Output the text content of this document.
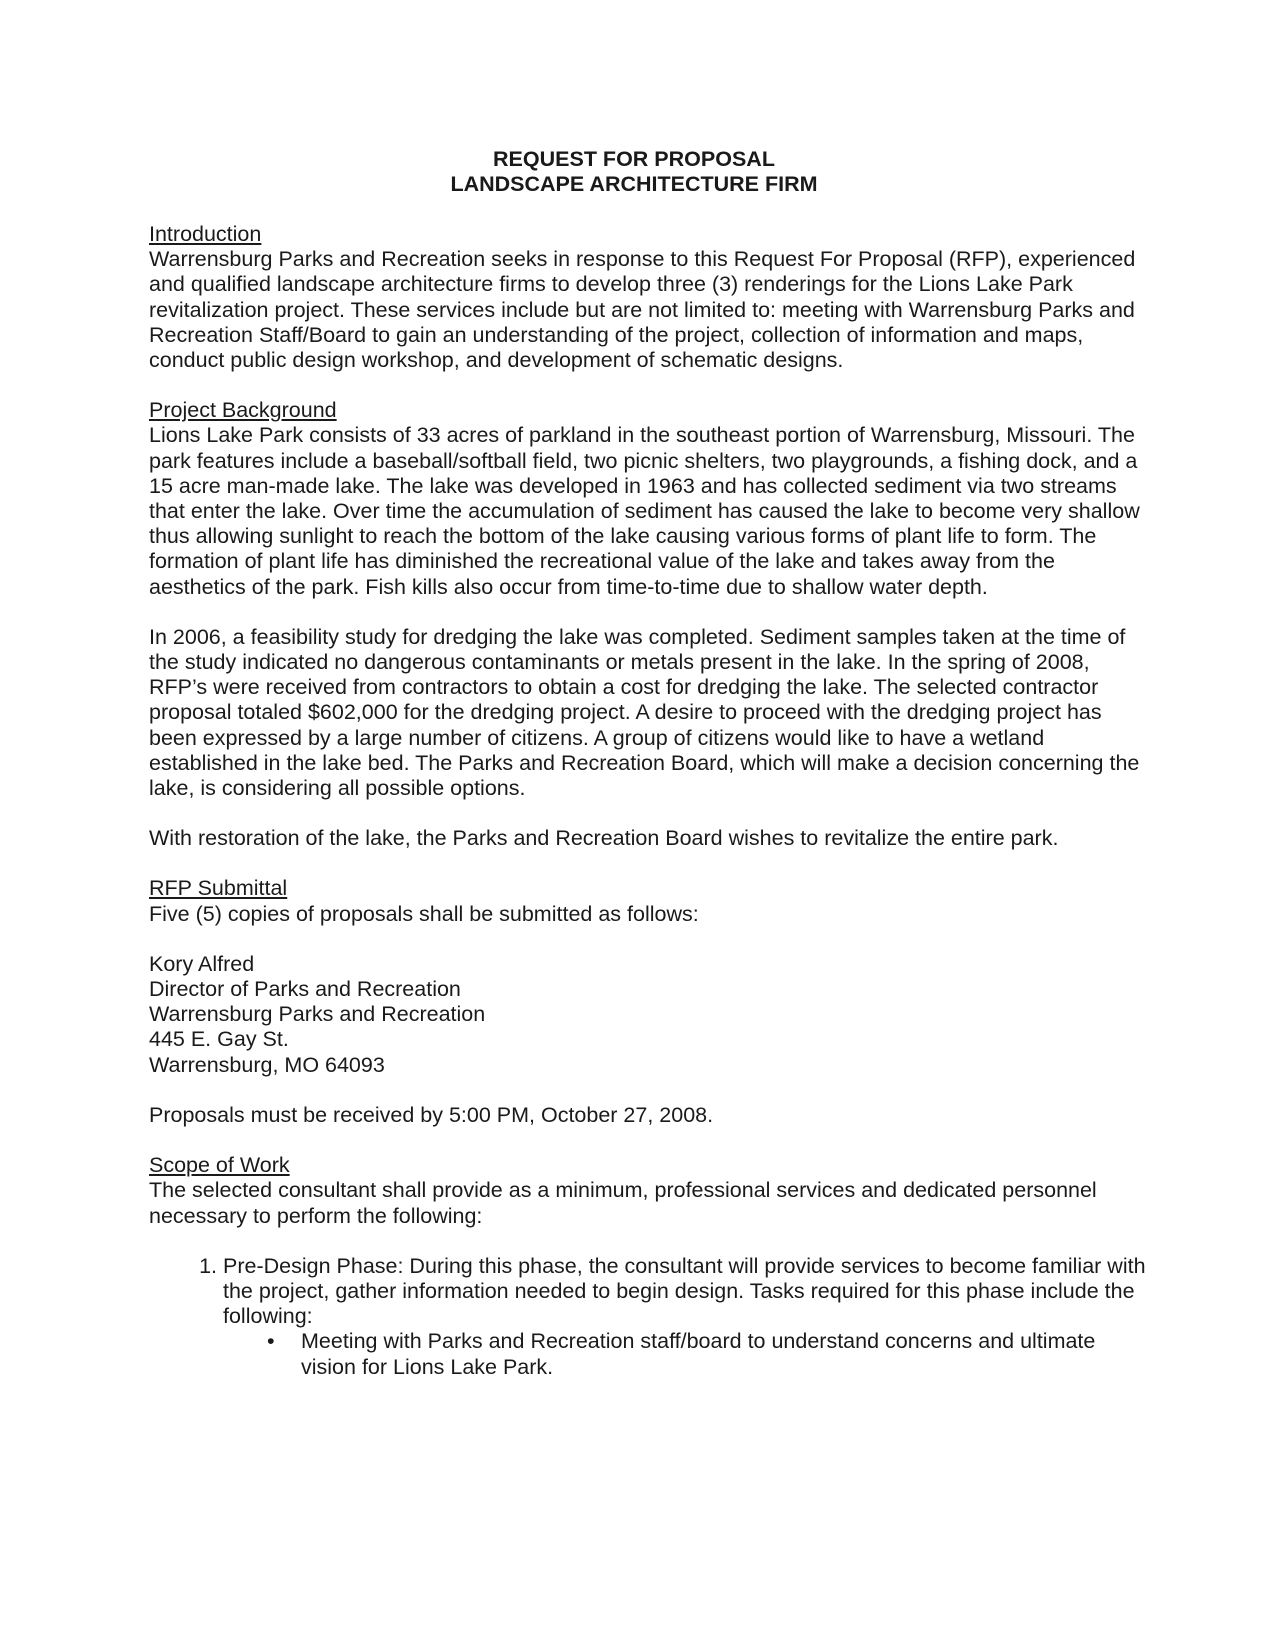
REQUEST FOR PROPOSAL
LANDSCAPE ARCHITECTURE FIRM
Introduction

Warrensburg Parks and Recreation seeks in response to this Request For Proposal (RFP), experienced and qualified landscape architecture firms to develop three (3) renderings for the Lions Lake Park revitalization project. These services include but are not limited to: meeting with Warrensburg Parks and Recreation Staff/Board to gain an understanding of the project, collection of information and maps, conduct public design workshop, and development of schematic designs.

Project Background

Lions Lake Park consists of 33 acres of parkland in the southeast portion of Warrensburg, Missouri. The park features include a baseball/softball field, two picnic shelters, two playgrounds, a fishing dock, and a 15 acre man-made lake. The lake was developed in 1963 and has collected sediment via two streams that enter the lake. Over time the accumulation of sediment has caused the lake to become very shallow thus allowing sunlight to reach the bottom of the lake causing various forms of plant life to form. The formation of plant life has diminished the recreational value of the lake and takes away from the aesthetics of the park. Fish kills also occur from time-to-time due to shallow water depth.

In 2006, a feasibility study for dredging the lake was completed. Sediment samples taken at the time of the study indicated no dangerous contaminants or metals present in the lake. In the spring of 2008, RFP’s were received from contractors to obtain a cost for dredging the lake. The selected contractor proposal totaled $602,000 for the dredging project. A desire to proceed with the dredging project has been expressed by a large number of citizens. A group of citizens would like to have a wetland established in the lake bed. The Parks and Recreation Board, which will make a decision concerning the lake, is considering all possible options.

With restoration of the lake, the Parks and Recreation Board wishes to revitalize the entire park.

RFP Submittal

Five (5) copies of proposals shall be submitted as follows:

Kory Alfred
Director of Parks and Recreation
Warrensburg Parks and Recreation
445 E. Gay St.
Warrensburg, MO 64093

Proposals must be received by 5:00 PM, October 27, 2008.

Scope of Work

The selected consultant shall provide as a minimum, professional services and dedicated personnel necessary to perform the following:

1. Pre-Design Phase: During this phase, the consultant will provide services to become familiar with the project, gather information needed to begin design. Tasks required for this phase include the following:
• Meeting with Parks and Recreation staff/board to understand concerns and ultimate vision for Lions Lake Park.
